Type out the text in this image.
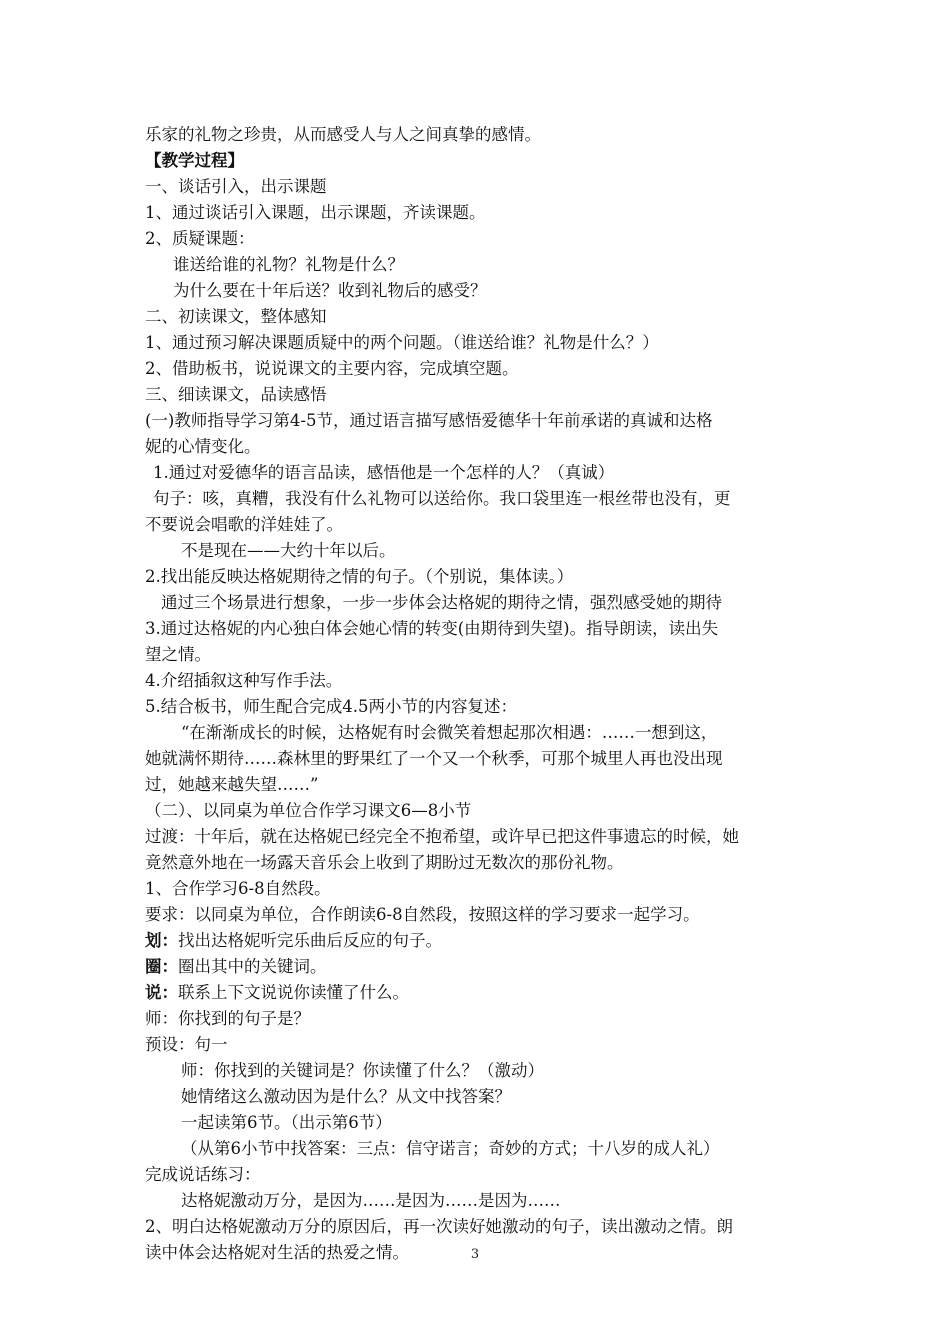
乐家的礼物之珍贵，从而感受人与人之间真挚的感情。
【教学过程】
一、谈话引入，出示课题
1、通过谈话引入课题，出示课题，齐读课题。
2、质疑课题：
谁送给谁的礼物？礼物是什么？
为什么要在十年后送？收到礼物后的感受？
二、初读课文，整体感知
1、通过预习解决课题质疑中的两个问题。（谁送给谁？礼物是什么？）
2、借助板书，说说课文的主要内容，完成填空题。
三、细读课文，品读感悟
(一)教师指导学习第4-5节，通过语言描写感悟爱德华十年前承诺的真诚和达格
妮的心情变化。
1.通过对爱德华的语言品读，感悟他是一个怎样的人？（真诚）
句子：咳，真糟，我没有什么礼物可以送给你。我口袋里连一根丝带也没有，更
不要说会唱歌的洋娃娃了。
不是现在——大约十年以后。
2.找出能反映达格妮期待之情的句子。（个别说，集体读。）
通过三个场景进行想象，一步一步体会达格妮的期待之情，强烈感受她的期待
3.通过达格妮的内心独白体会她心情的转变(由期待到失望)。指导朗读，读出失
望之情。
4.介绍插叙这种写作手法。
5.结合板书，师生配合完成4.5两小节的内容复述：
“在渐渐成长的时候，达格妮有时会微笑着想起那次相遇：……一想到这，
她就满怀期待……森林里的野果红了一个又一个秋季，可那个城里人再也没出现
过，她越来越失望……”
（二）、以同桌为单位合作学习课文6—8小节
过渡：十年后，就在达格妮已经完全不抱希望，或许早已把这件事遗忘的时候，她
竟然意外地在一场露天音乐会上收到了期盼过无数次的那份礼物。
1、合作学习6-8自然段。
要求：以同桌为单位，合作朗读6-8自然段，按照这样的学习要求一起学习。
划：找出达格妮听完乐曲后反应的句子。
圈：圈出其中的关键词。
说：联系上下文说说你读懂了什么。
师：你找到的句子是？
预设：句一
师：你找到的关键词是？你读懂了什么？（激动）
她情绪这么激动因为是什么？从文中找答案？
一起读第6节。（出示第6节）
（从第6小节中找答案：三点：信守诺言；奇妙的方式；十八岁的成人礼）
完成说话练习：
达格妮激动万分，是因为……是因为……是因为……
2、明白达格妮激动万分的原因后，再一次读好她激动的句子，读出激动之情。朗
读中体会达格妮对生活的热爱之情。	3
